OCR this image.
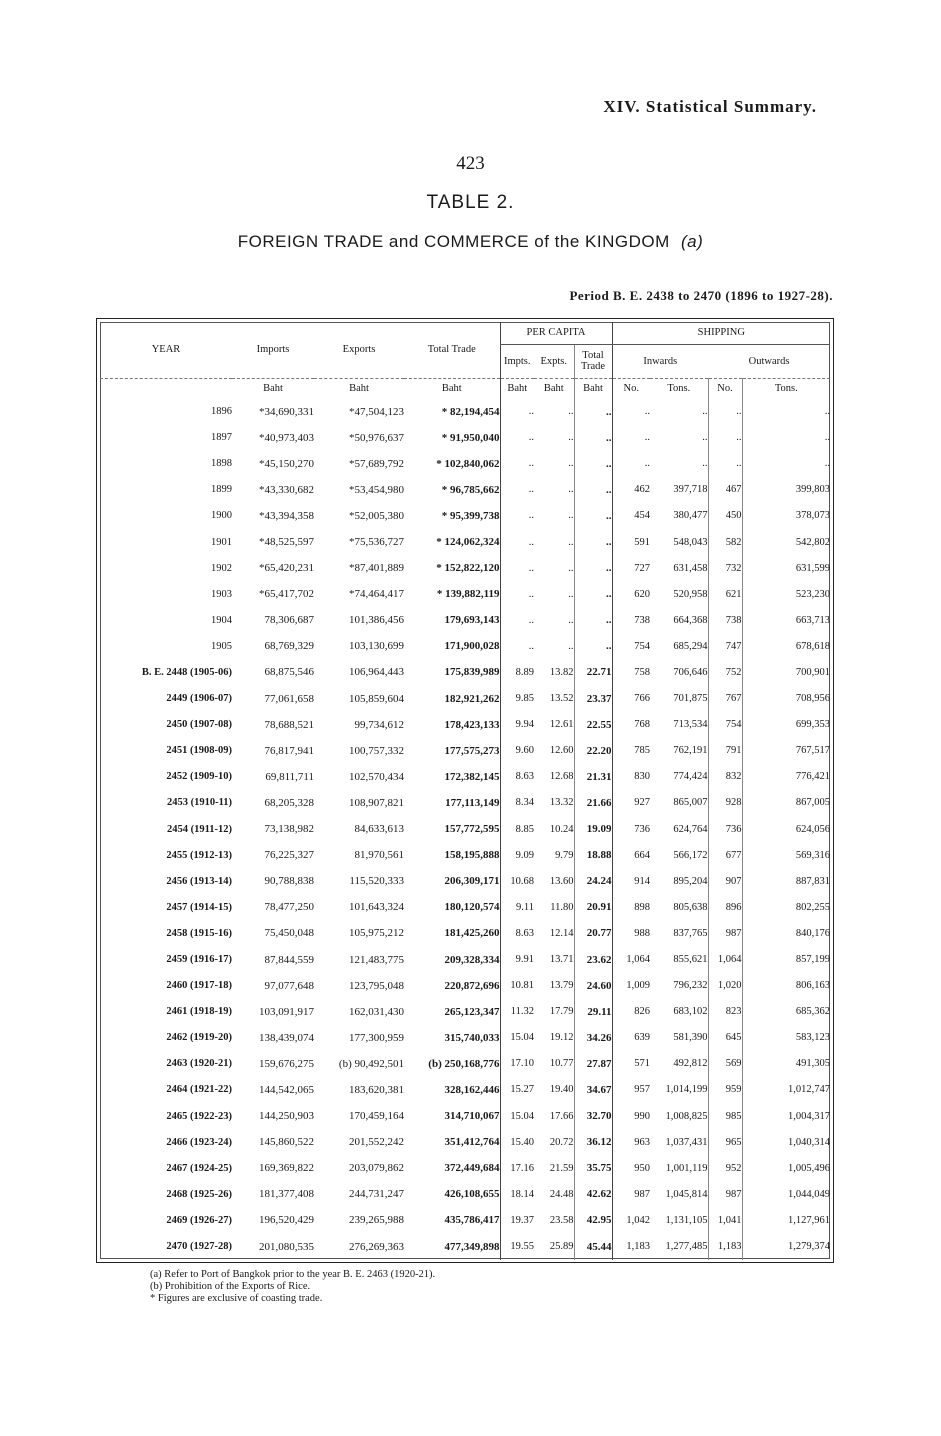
XIV. Statistical Summary.
423
TABLE 2.
FOREIGN TRADE and COMMERCE of the KINGDOM (a)
Period B. E. 2438 to 2470 (1896 to 1927-28).
YEAR	Imports	Exports	Total Trade	PER CAPITA			SHIPPING			
				Impts.	Expts.	Total Trade	Inwards		Outwards	
	Baht	Baht	Baht	Baht	Baht	Baht	No.	Tons.	No.	Tons.
1896	*34,690,331	*47,504,123	* 82,194,454	..	..	..	..	..	..	..
1897	*40,973,403	*50,976,637	* 91,950,040	..	..	..	..	..	..	..
1898	*45,150,270	*57,689,792	* 102,840,062	..	..	..	..	..	..	..
1899	*43,330,682	*53,454,980	* 96,785,662	..	..	..	462	397,718	467	399,803
1900	*43,394,358	*52,005,380	* 95,399,738	..	..	..	454	380,477	450	378,073
1901	*48,525,597	*75,536,727	* 124,062,324	..	..	..	591	548,043	582	542,802
1902	*65,420,231	*87,401,889	* 152,822,120	..	..	..	727	631,458	732	631,599
1903	*65,417,702	*74,464,417	* 139,882,119	..	..	..	620	520,958	621	523,230
1904	78,306,687	101,386,456	179,693,143	..	..	..	738	664,368	738	663,713
1905	68,769,329	103,130,699	171,900,028	..	..	..	754	685,294	747	678,618
B. E. 2448 (1905-06)	68,875,546	106,964,443	175,839,989	8.89	13.82	22.71	758	706,646	752	700,901
2449 (1906-07)	77,061,658	105,859,604	182,921,262	9.85	13.52	23.37	766	701,875	767	708,956
2450 (1907-08)	78,688,521	99,734,612	178,423,133	9.94	12.61	22.55	768	713,534	754	699,353
2451 (1908-09)	76,817,941	100,757,332	177,575,273	9.60	12.60	22.20	785	762,191	791	767,517
2452 (1909-10)	69,811,711	102,570,434	172,382,145	8.63	12.68	21.31	830	774,424	832	776,421
2453 (1910-11)	68,205,328	108,907,821	177,113,149	8.34	13.32	21.66	927	865,007	928	867,005
2454 (1911-12)	73,138,982	84,633,613	157,772,595	8.85	10.24	19.09	736	624,764	736	624,056
2455 (1912-13)	76,225,327	81,970,561	158,195,888	9.09	9.79	18.88	664	566,172	677	569,316
2456 (1913-14)	90,788,838	115,520,333	206,309,171	10.68	13.60	24.24	914	895,204	907	887,831
2457 (1914-15)	78,477,250	101,643,324	180,120,574	9.11	11.80	20.91	898	805,638	896	802,255
2458 (1915-16)	75,450,048	105,975,212	181,425,260	8.63	12.14	20.77	988	837,765	987	840,176
2459 (1916-17)	87,844,559	121,483,775	209,328,334	9.91	13.71	23.62	1,064	855,621	1,064	857,199
2460 (1917-18)	97,077,648	123,795,048	220,872,696	10.81	13.79	24.60	1,009	796,232	1,020	806,163
2461 (1918-19)	103,091,917	162,031,430	265,123,347	11.32	17.79	29.11	826	683,102	823	685,362
2462 (1919-20)	138,439,074	177,300,959	315,740,033	15.04	19.12	34.26	639	581,390	645	583,123
2463 (1920-21)	159,676,275	(b) 90,492,501	(b) 250,168,776	17.10	10.77	27.87	571	492,812	569	491,305
2464 (1921-22)	144,542,065	183,620,381	328,162,446	15.27	19.40	34.67	957	1,014,199	959	1,012,747
2465 (1922-23)	144,250,903	170,459,164	314,710,067	15.04	17.66	32.70	990	1,008,825	985	1,004,317
2466 (1923-24)	145,860,522	201,552,242	351,412,764	15.40	20.72	36.12	963	1,037,431	965	1,040,314
2467 (1924-25)	169,369,822	203,079,862	372,449,684	17.16	21.59	35.75	950	1,001,119	952	1,005,496
2468 (1925-26)	181,377,408	244,731,247	426,108,655	18.14	24.48	42.62	987	1,045,814	987	1,044,049
2469 (1926-27)	196,520,429	239,265,988	435,786,417	19.37	23.58	42.95	1,042	1,131,105	1,041	1,127,961
2470 (1927-28)	201,080,535	276,269,363	477,349,898	19.55	25.89	45.44	1,183	1,277,485	1,183	1,279,374
(a) Refer to Port of Bangkok prior to the year B. E. 2463 (1920-21).
(b) Prohibition of the Exports of Rice.
* Figures are exclusive of coasting trade.
